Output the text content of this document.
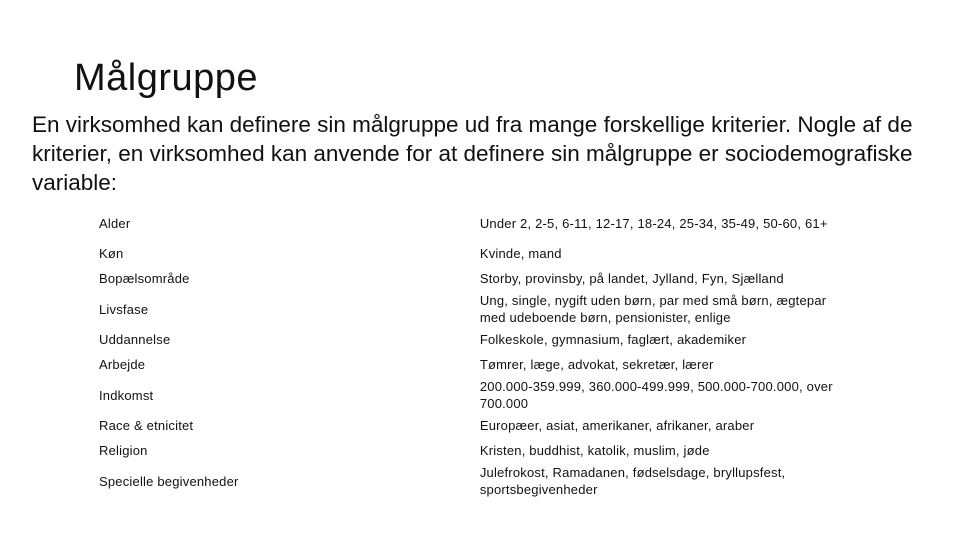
Målgruppe

En virksomhed kan definere sin målgruppe ud fra mange forskellige kriterier. Nogle af de kriterier, en virksomhed kan anvende for at definere sin målgruppe er sociodemografiske variable:

Alder	Under 2, 2-5, 6-11, 12-17, 18-24, 25-34, 35-49, 50-60, 61+
Køn	Kvinde, mand
Bopælsområde	Storby, provinsby, på landet, Jylland, Fyn, Sjælland
Livsfase	Ung, single, nygift uden børn, par med små børn, ægtepar med udeboende børn, pensionister, enlige
Uddannelse	Folkeskole, gymnasium, faglært, akademiker
Arbejde	Tømrer, læge, advokat, sekretær, lærer
Indkomst	200.000-359.999, 360.000-499.999, 500.000-700.000, over 700.000
Race & etnicitet	Europæer, asiat, amerikaner, afrikaner, araber
Religion	Kristen, buddhist, katolik, muslim, jøde
Specielle begivenheder	Julefrokost, Ramadanen, fødselsdage, bryllupsfest, sportsbegivenheder
